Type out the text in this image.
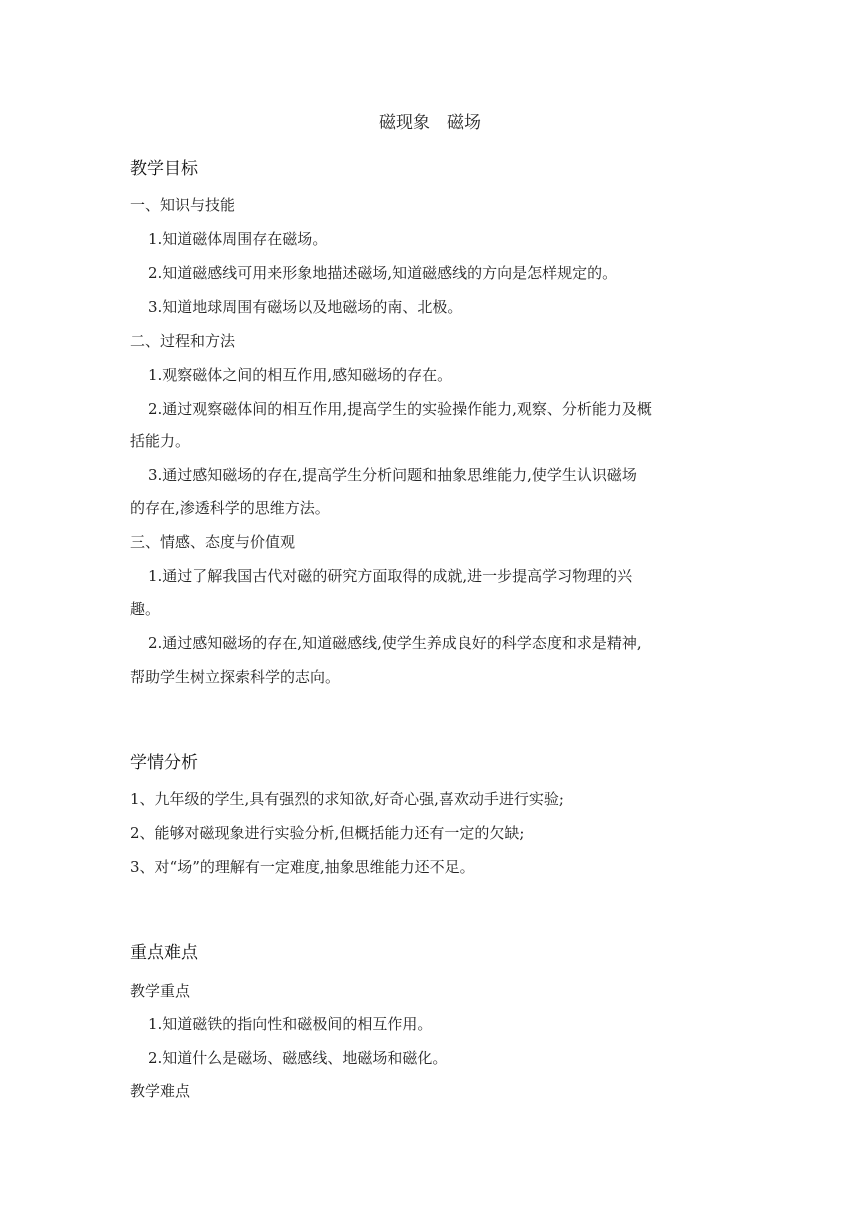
磁现象　磁场
教学目标
一、知识与技能
1.知道磁体周围存在磁场。
2.知道磁感线可用来形象地描述磁场,知道磁感线的方向是怎样规定的。
3.知道地球周围有磁场以及地磁场的南、北极。
二、过程和方法
1.观察磁体之间的相互作用,感知磁场的存在。
2.通过观察磁体间的相互作用,提高学生的实验操作能力,观察、分析能力及概
括能力。
3.通过感知磁场的存在,提高学生分析问题和抽象思维能力,使学生认识磁场
的存在,渗透科学的思维方法。
三、情感、态度与价值观
1.通过了解我国古代对磁的研究方面取得的成就,进一步提高学习物理的兴
趣。
2.通过感知磁场的存在,知道磁感线,使学生养成良好的科学态度和求是精神,
帮助学生树立探索科学的志向。
学情分析
1、九年级的学生,具有强烈的求知欲,好奇心强,喜欢动手进行实验;
2、能够对磁现象进行实验分析,但概括能力还有一定的欠缺;
3、对“场”的理解有一定难度,抽象思维能力还不足。
重点难点
教学重点
1.知道磁铁的指向性和磁极间的相互作用。
2.知道什么是磁场、磁感线、地磁场和磁化。
教学难点
